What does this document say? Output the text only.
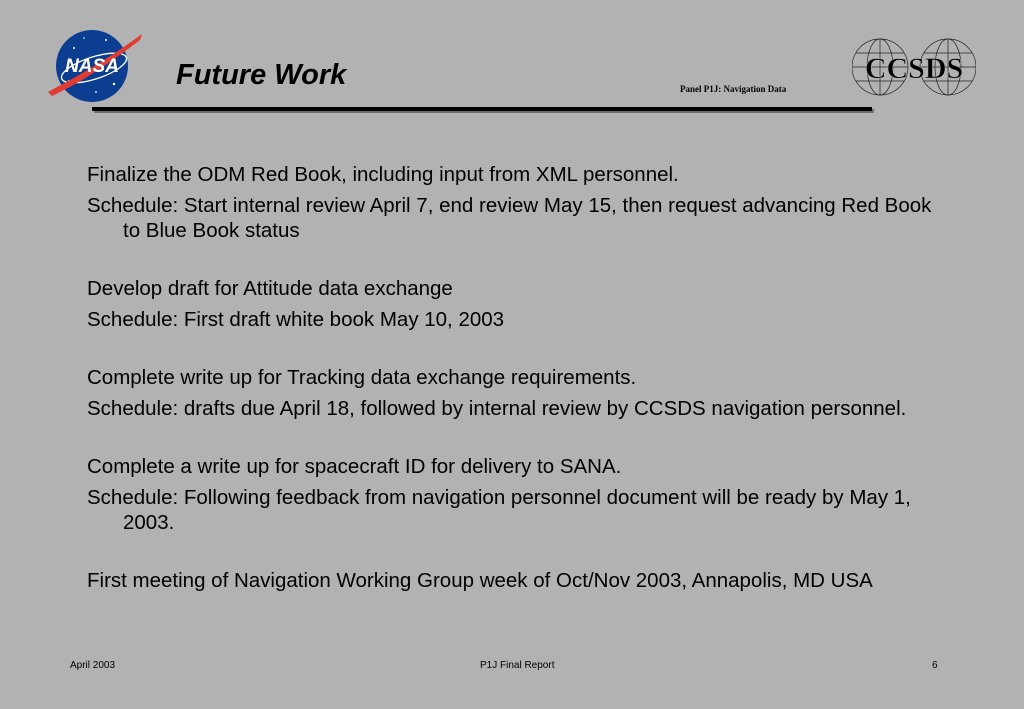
NASA Future Work	Panel P1J: Navigation Data
CCSDS

Finalize the ODM Red Book, including input from XML personnel.

Schedule: Start internal review April 7, end review May 15, then request advancing Red Book to Blue Book status

Develop draft for Attitude data exchange

Schedule: First draft white book May 10, 2003

Complete write up for Tracking data exchange requirements.

Schedule: drafts due April 18, followed by internal review by CCSDS navigation personnel.

Complete a write up for spacecraft ID for delivery to SANA.

Schedule: Following feedback from navigation personnel document will be ready by May 1, 2003.

First meeting of Navigation Working Group week of Oct/Nov 2003, Annapolis, MD USA

April 2003	P1J Final Report	6
